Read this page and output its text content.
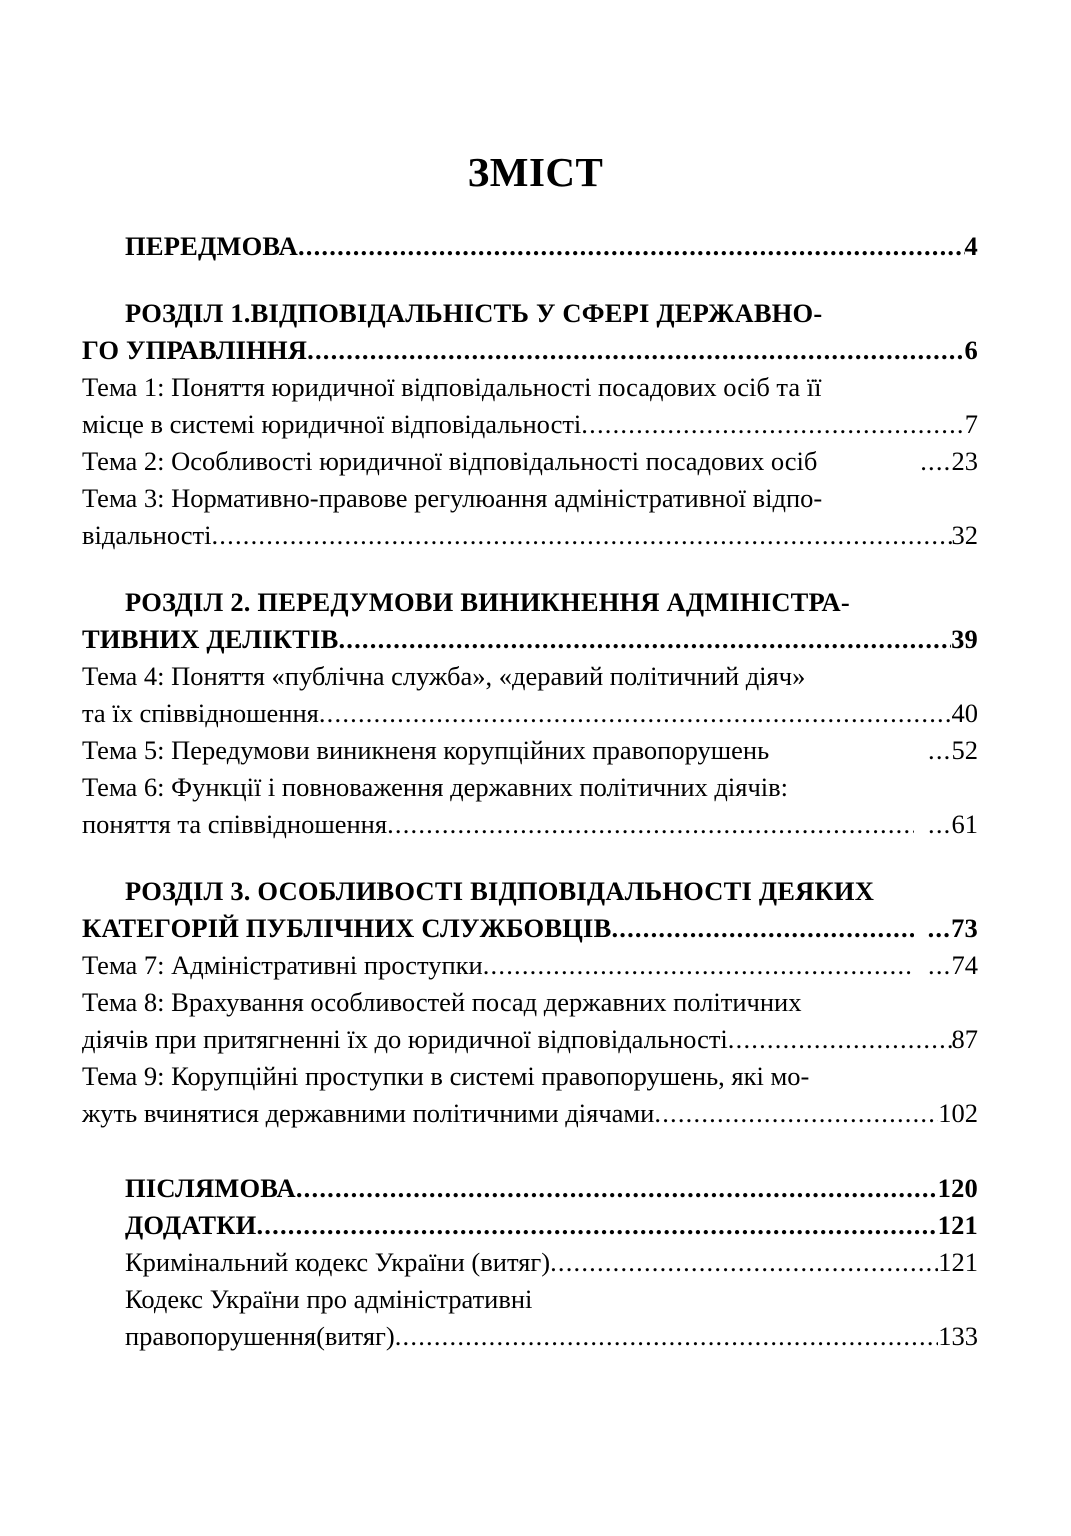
ЗМІСТ
ПЕРЕДМОВА .....	4
РОЗДІЛ 1.ВІДПОВІДАЛЬНІСТЬ У СФЕРІ ДЕРЖАВНО-
ГО УПРАВЛІННЯ .....	6
Тема 1: Поняття юридичної відповідальності посадових осіб та її
місце в системі юридичної відповідальності .....	7
Тема 2: Особливості юридичної відповідальності посадових осіб	.... 23
Тема 3: Нормативно-правове регулюання адміністративної відпо-
відальності .....	32
РОЗДІЛ 2. ПЕРЕДУМОВИ ВИНИКНЕННЯ АДМІНІСТРА-
ТИВНИХ ДЕЛІКТІВ .....	39
Тема 4: Поняття «публічна служба», «деравий політичний діяч»
та їх співвідношення .....	40
Тема 5: Передумови виникненя корупційних правопорушень	... 52
Тема 6: Функції і повноваження державних політичних діячів:
поняття та співвідношення .....	... 61
РОЗДІЛ 3. ОСОБЛИВОСТІ ВІДПОВІДАЛЬНОСТІ ДЕЯКИХ
КАТЕГОРІЙ ПУБЛІЧНИХ СЛУЖБОВЦІВ .....	... 73
Тема 7: Адміністративні проступки .....	... 74
Тема 8: Врахування особливостей посад державних політичних
діячів при притягненні їх до юридичної відповідальності .....	87
Тема 9: Корупційні проступки в системі правопорушень, які мо-
жуть вчинятися державними політичними діячами .....	102
ПІСЛЯМОВА .....	120
ДОДАТКИ .....	121
Кримінальний кодекс України (витяг) .....	121
Кодекс України про адміністративні
правопорушення(витяг) .....	133
